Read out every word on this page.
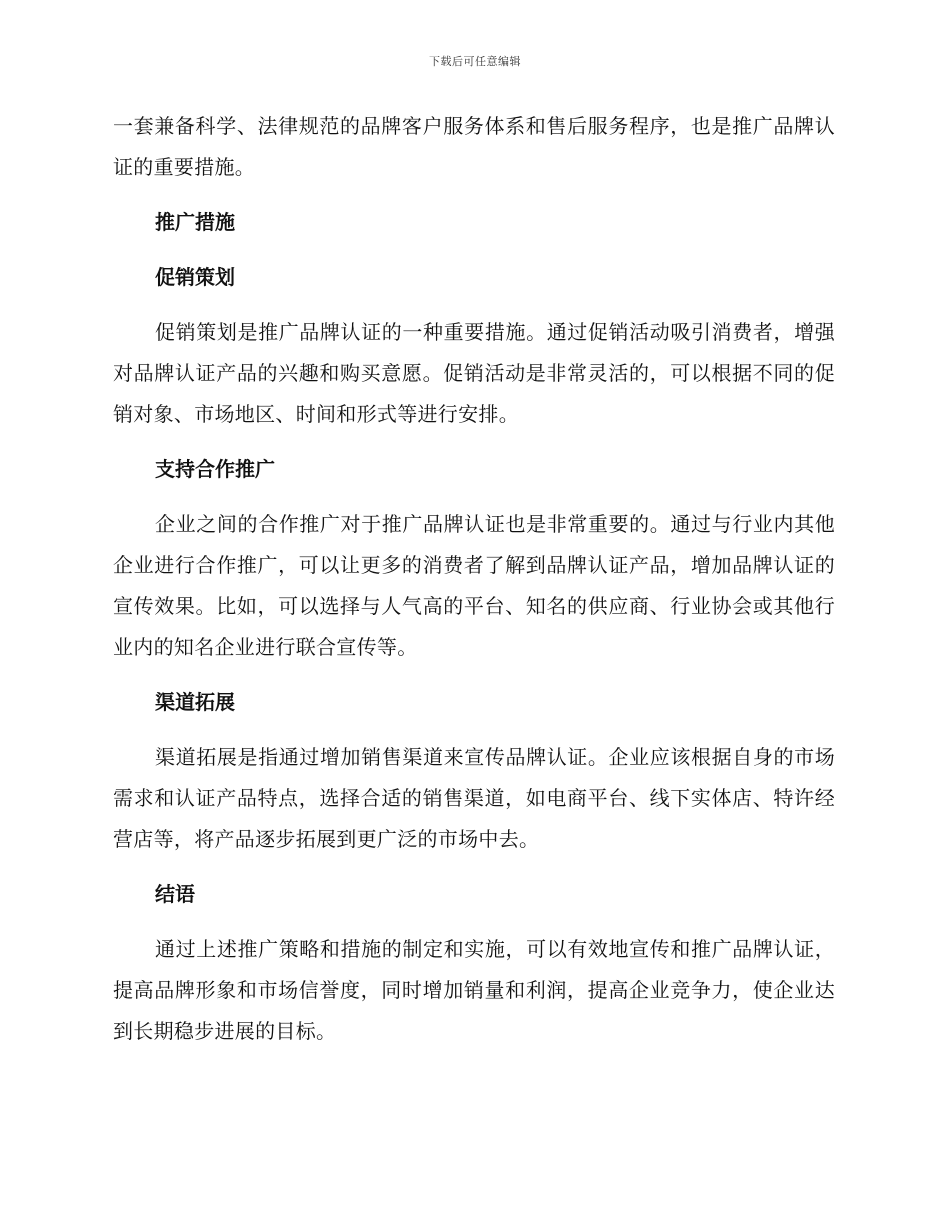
下载后可任意编辑

一套兼备科学、法律规范的品牌客户服务体系和售后服务程序，也是推广品牌认证的重要措施。

推广措施
促销策划

促销策划是推广品牌认证的一种重要措施。通过促销活动吸引消费者，增强对品牌认证产品的兴趣和购买意愿。促销活动是非常灵活的，可以根据不同的促销对象、市场地区、时间和形式等进行安排。

支持合作推广

企业之间的合作推广对于推广品牌认证也是非常重要的。通过与行业内其他企业进行合作推广，可以让更多的消费者了解到品牌认证产品，增加品牌认证的宣传效果。比如，可以选择与人气高的平台、知名的供应商、行业协会或其他行业内的知名企业进行联合宣传等。

渠道拓展

渠道拓展是指通过增加销售渠道来宣传品牌认证。企业应该根据自身的市场需求和认证产品特点，选择合适的销售渠道，如电商平台、线下实体店、特许经营店等，将产品逐步拓展到更广泛的市场中去。

结语

通过上述推广策略和措施的制定和实施，可以有效地宣传和推广品牌认证，提高品牌形象和市场信誉度，同时增加销量和利润，提高企业竞争力，使企业达到长期稳步进展的目标。
